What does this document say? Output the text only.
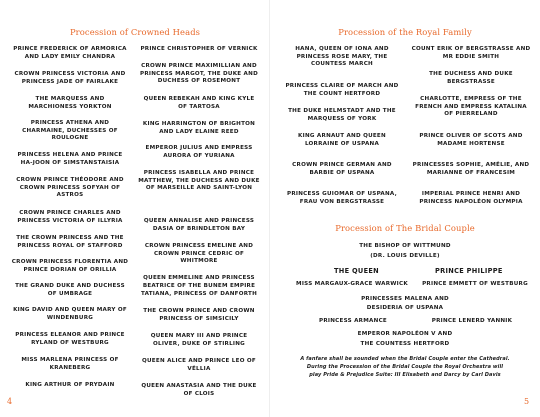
Procession of Crowned Heads
PRINCE FREDERICK OF ARMORICA AND LADY EMILY CHANDRA
CROWN PRINCESS VICTORIA AND PRINCESS JADE OF FAIRLAKE
THE MARQUESS AND MARCHIONESS YORKTON
PRINCESS ATHENA AND CHARMAINE, DUCHESSES OF ROULOGNE
PRINCESS HELENA AND PRINCE HA-JOON OF SIMSTANSTAISIA
CROWN PRINCE THÉODORE AND CROWN PRINCESS SOFYAH OF ASTROS
CROWN PRINCE CHARLES AND PRINCESS VICTORIA OF ILLYRIA
THE CROWN PRINCESS AND THE PRINCESS ROYAL OF STAFFORD
CROWN PRINCESS FLORENTIA AND PRINCE DORIAN OF ORILLIA
THE GRAND DUKE AND DUCHESS OF UMBRAGE
KING DAVID AND QUEEN MARY OF WINDENBURG
PRINCESS ELEANOR AND PRINCE RYLAND OF WESTBURG
MISS MARLENA PRINCESS OF KRANEBERG
KING ARTHUR OF PRYDAIN
PRINCE CHRISTOPHER OF VERNICK
CROWN PRINCE MAXIMILLIAN AND PRINCESS MARGOT, THE DUKE AND DUCHESS OF ROSEMONT
QUEEN REBEKAH AND KING KYLE OF TARTOSA
KING HARRINGTON OF BRIGHTON AND LADY ELAINE REED
EMPEROR JULIUS AND EMPRESS AURORA OF YURIANA
PRINCESS ISABELLA AND PRINCE MATTHEW, THE DUCHESS AND DUKE OF MARSEILLE AND SAINT-LYON
QUEEN ANNALISE AND PRINCESS DASIA OF BRINDLETON BAY
CROWN PRINCESS EMELINE AND CROWN PRINCE CEDRIC OF WHITMORE
QUEEN EMMELINE AND PRINCESS BEATRICE OF THE BUNEM EMPIRE
TATIANA, PRINCESS OF DANFORTH
THE CROWN PRINCE AND CROWN PRINCESS OF SIMSICILY
QUEEN MARY III AND PRINCE OLIVER, DUKE OF STIRLING
QUEEN ALICE AND PRINCE LEO OF VÉLLIA
QUEEN ANASTASIA AND THE DUKE OF CLOIS
4
Procession of the Royal Family
HANA, QUEEN OF IONA AND PRINCESS ROSE MARY, THE COUNTESS MARCH
PRINCESS CLAIRE OF MARCH AND THE COUNT HERTFORD
THE DUKE HELMSTADT AND THE MARQUESS OF YORK
KING ARNAUT AND QUEEN LORRAINE OF USPANA
CROWN PRINCE GERMAN AND BARBIE OF USPANA
PRINCESS GUIOMAR OF USPANA, FRAU VON BERGSTRASSE
COUNT ERIK OF BERGSTRASSE AND MR EDDIE SMITH
THE DUCHESS AND DUKE BERGSTRASSE
CHARLOTTE, EMPRESS OF THE FRENCH AND EMPRESS KATALINA OF PIERRELAND
PRINCE OLIVER OF SCOTS AND MADAME HORTENSE
PRINCESSES SOPHIE, AMÉLIE, AND MARIANNE OF FRANCESIM
IMPERIAL PRINCE HENRI AND PRINCESS NAPOLÉON OLYMPIA
Procession of The Bridal Couple
THE BISHOP OF WITTMUND
(DR. LOUIS DEVILLE)
THE QUEEN	PRINCE PHILIPPE
MISS MARGAUX-GRACE WARWICK	PRINCE EMMETT OF WESTBURG
PRINCESSES MALENA AND
DESIDERIA OF USPANA
PRINCESS ARMANCE	PRINCE LENERD YANNIK
EMPEROR NAPOLÉON V AND
THE COUNTESS HERTFORD
A fanfare shall be sounded when the Bridal Couple enter the Cathedral.
During the Procession of the Bridal Couple the Royal Orchestra will
play Pride & Prejudice Suite: III Elisabeth and Darcy by Carl Davis
5
